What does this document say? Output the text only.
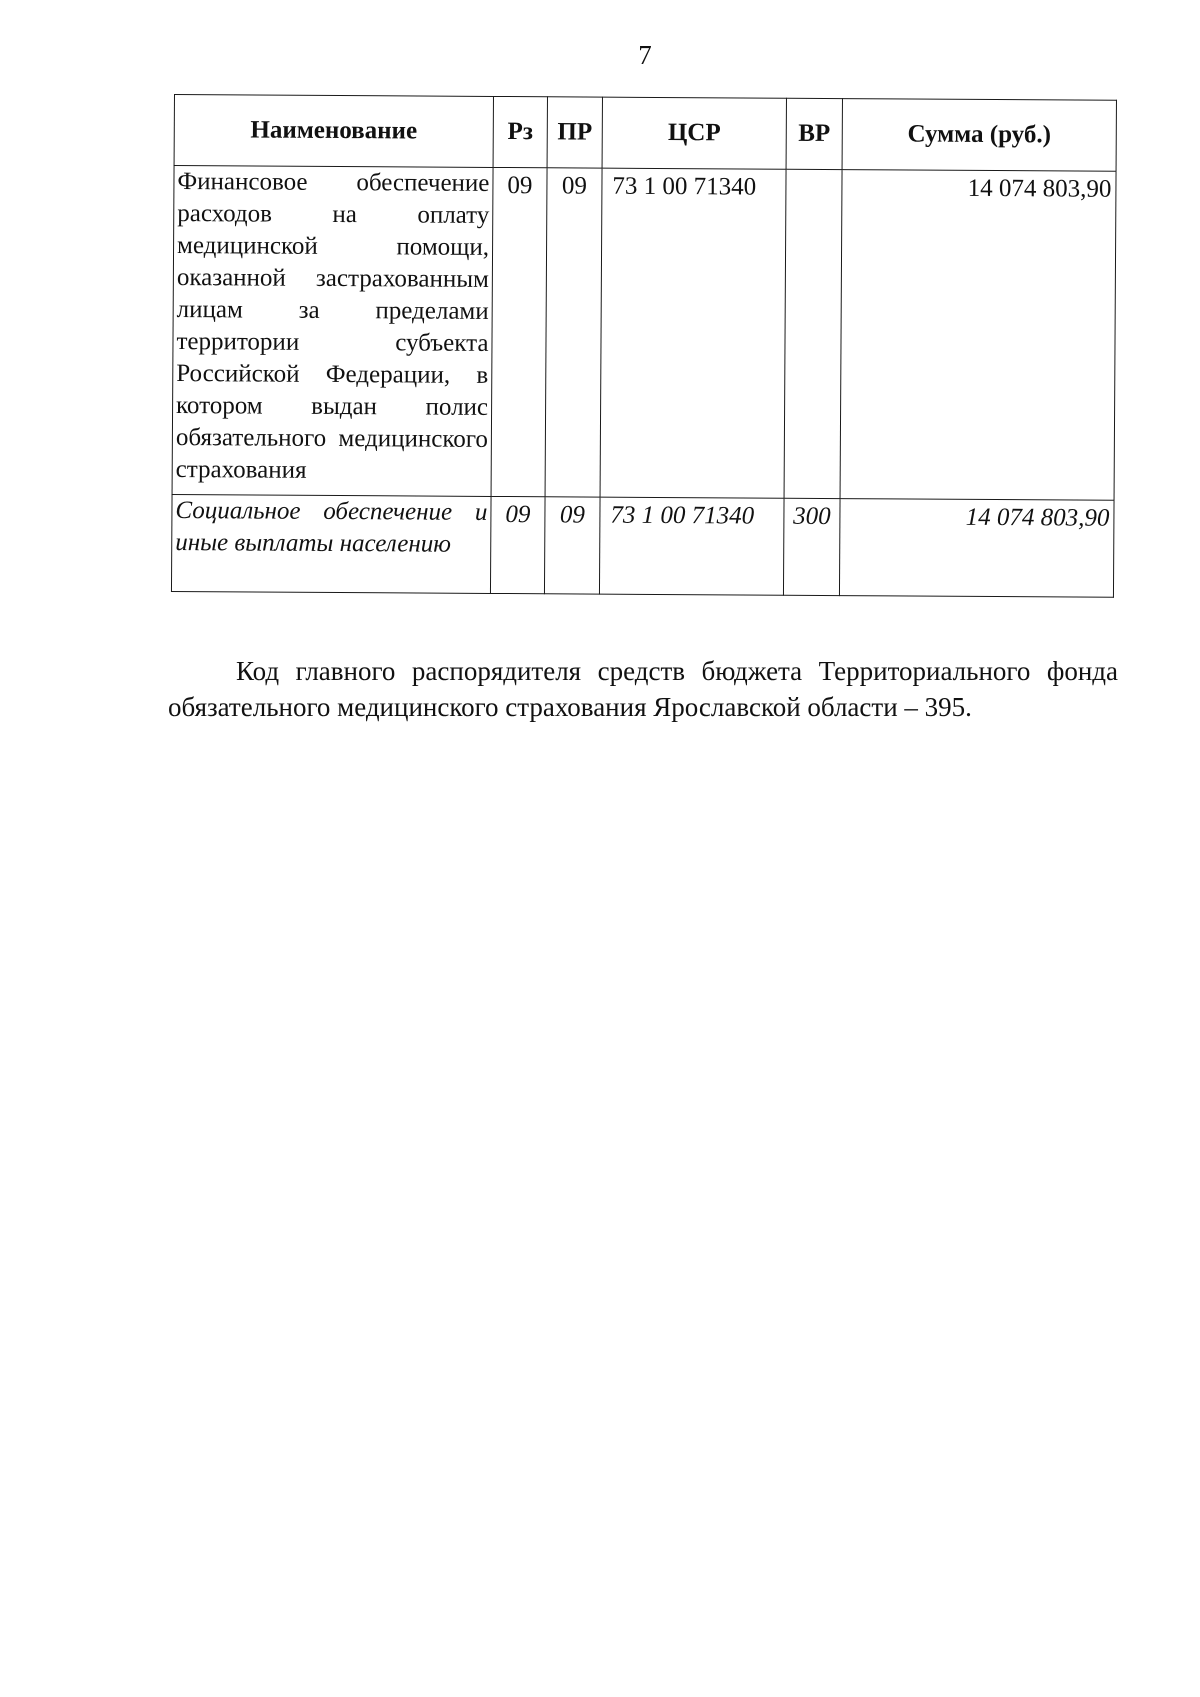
7
Наименование	Рз	ПР	ЦСР	ВР	Сумма (руб.)
Финансовое обеспечение расходов на оплату медицинской помощи, оказанной застрахованным лицам за пределами территории субъекта Российской Федерации, в котором выдан полис обязательного медицинского страхования	09	09	73 1 00 71340		14 074 803,90
Социальное обеспечение и иные выплаты населению	09	09	73 1 00 71340	300	14 074 803,90

Код главного распорядителя средств бюджета Территориального фонда обязательного медицинского страхования Ярославской области – 395.
